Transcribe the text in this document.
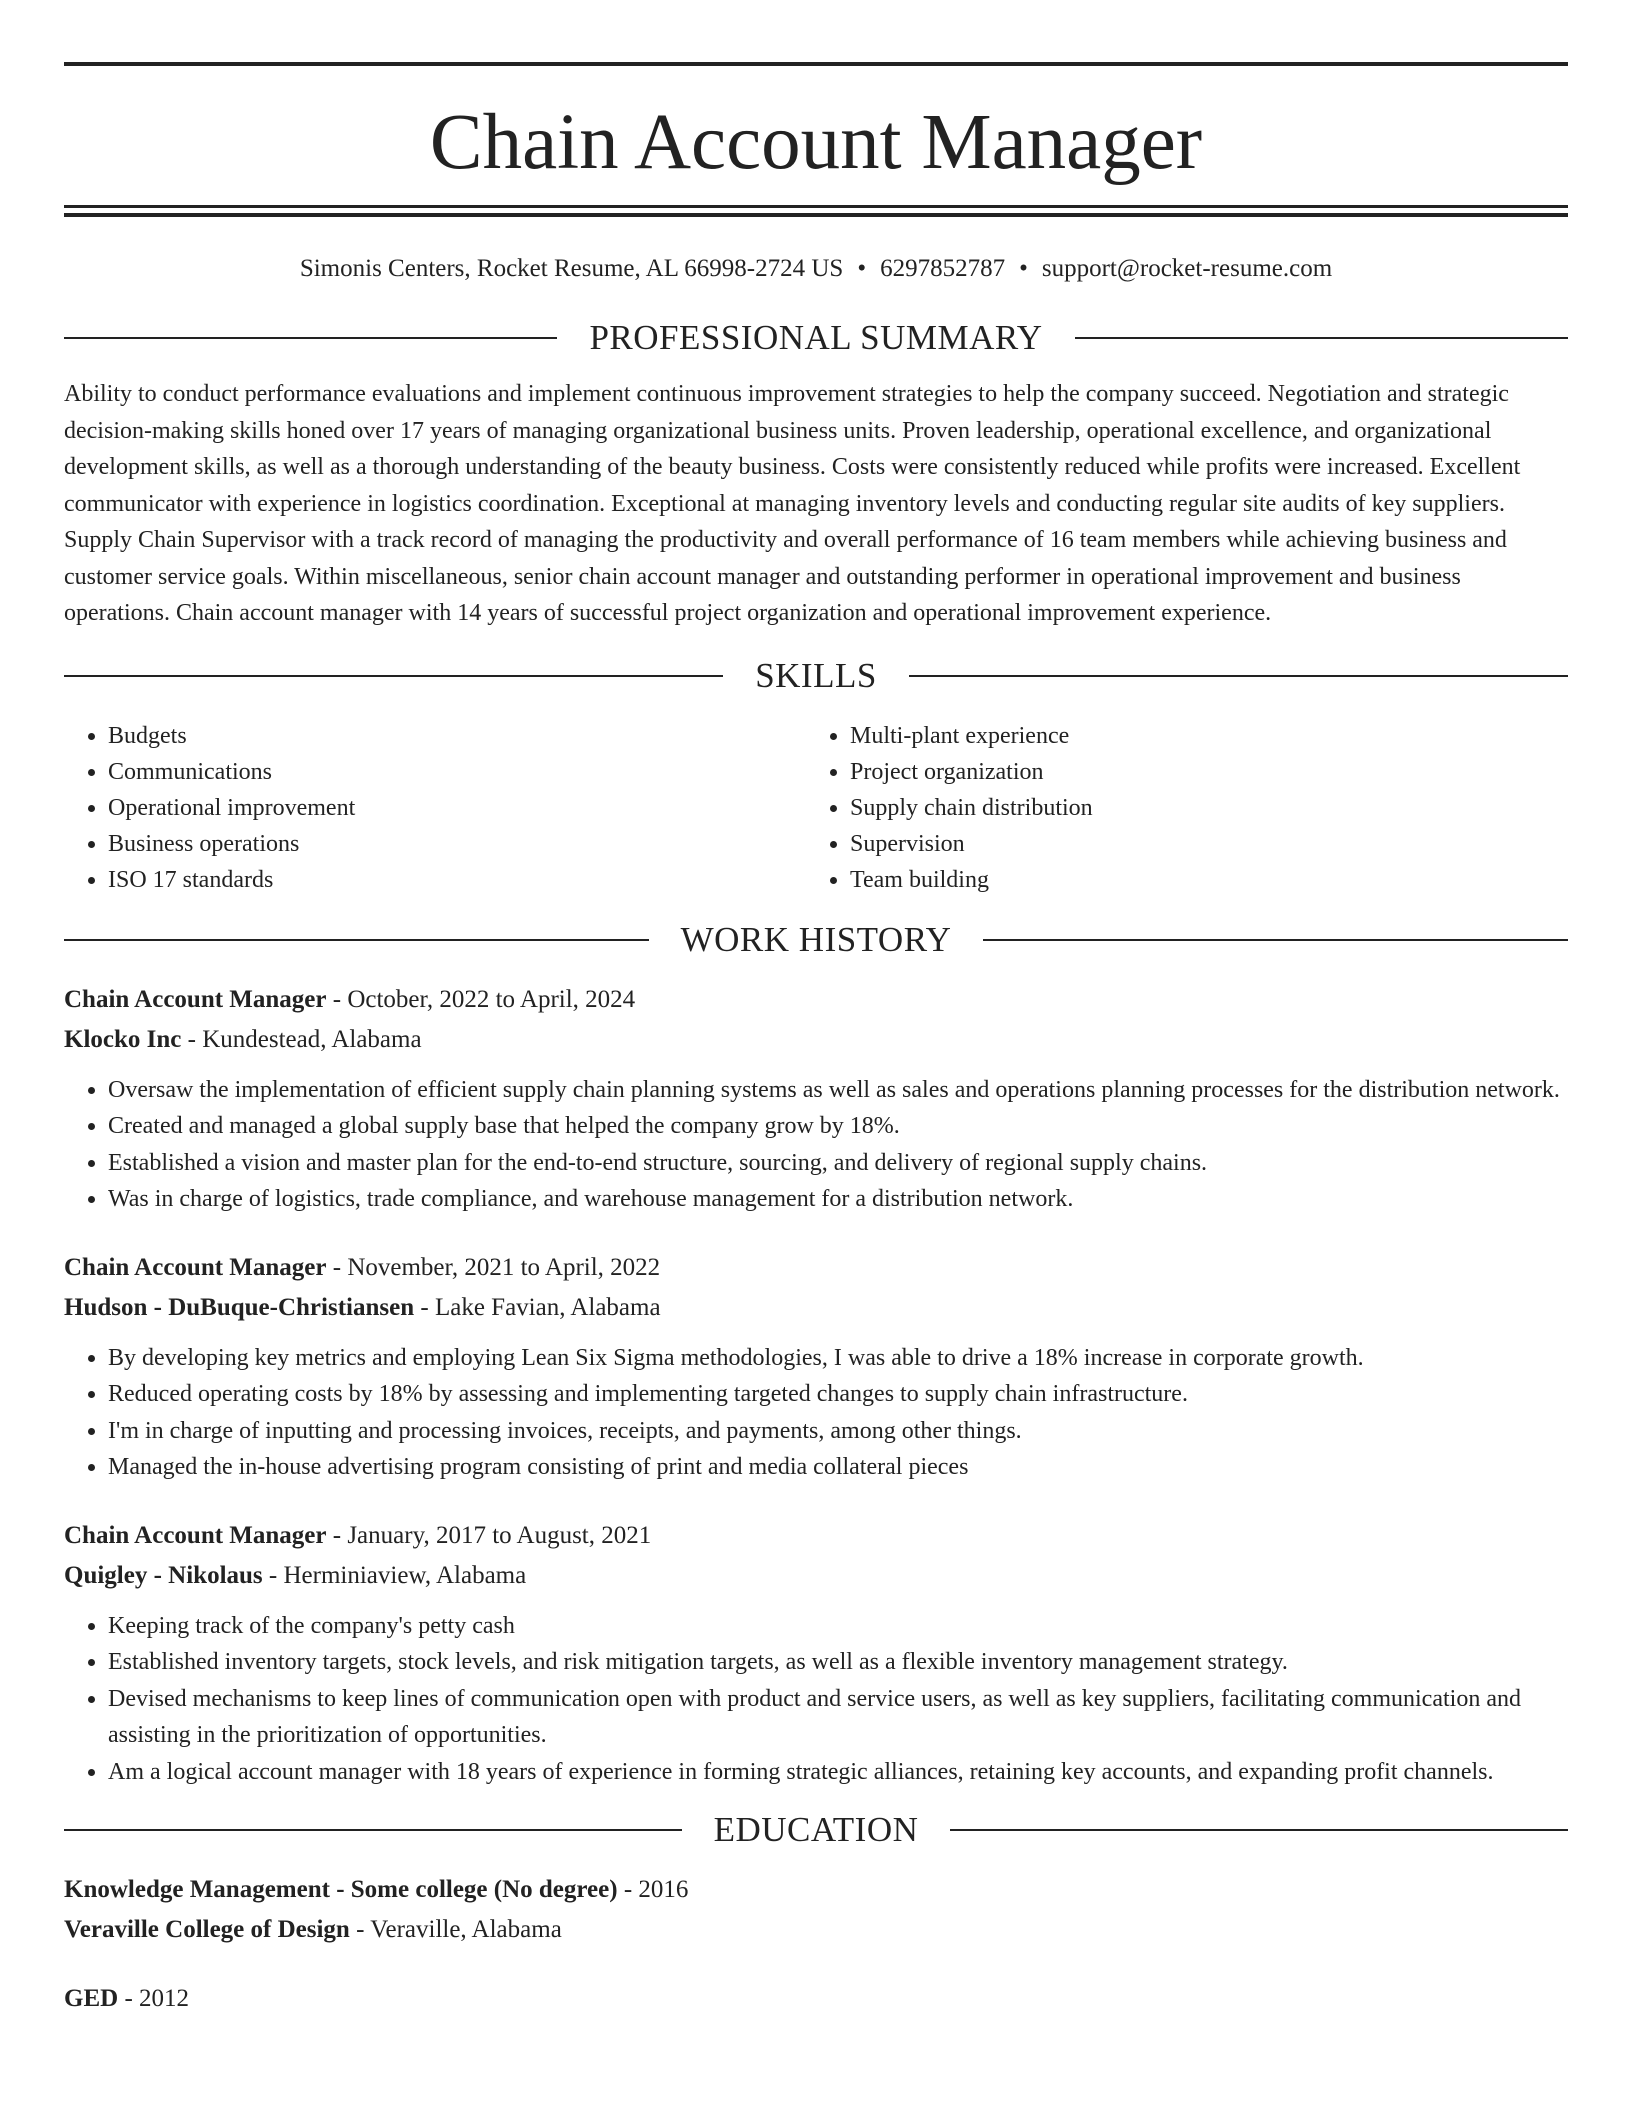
Chain Account Manager
Simonis Centers, Rocket Resume, AL 66998-2724 US • 6297852787 • support@rocket-resume.com
PROFESSIONAL SUMMARY

Ability to conduct performance evaluations and implement continuous improvement strategies to help the company succeed. Negotiation and strategic decision-making skills honed over 17 years of managing organizational business units. Proven leadership, operational excellence, and organizational development skills, as well as a thorough understanding of the beauty business. Costs were consistently reduced while profits were increased. Excellent communicator with experience in logistics coordination. Exceptional at managing inventory levels and conducting regular site audits of key suppliers. Supply Chain Supervisor with a track record of managing the productivity and overall performance of 16 team members while achieving business and customer service goals. Within miscellaneous, senior chain account manager and outstanding performer in operational improvement and business operations. Chain account manager with 14 years of successful project organization and operational improvement experience.

SKILLS
• Budgets
• Communications
• Operational improvement
• Business operations
• ISO 17 standards
• Multi-plant experience
• Project organization
• Supply chain distribution
• Supervision
• Team building
WORK HISTORY
Chain Account Manager - October, 2022 to April, 2024
Klocko Inc - Kundestead, Alabama
• Oversaw the implementation of efficient supply chain planning systems as well as sales and operations planning processes for the distribution network.
• Created and managed a global supply base that helped the company grow by 18%.
• Established a vision and master plan for the end-to-end structure, sourcing, and delivery of regional supply chains.
• Was in charge of logistics, trade compliance, and warehouse management for a distribution network.
Chain Account Manager - November, 2021 to April, 2022
Hudson - DuBuque-Christiansen - Lake Favian, Alabama
• By developing key metrics and employing Lean Six Sigma methodologies, I was able to drive a 18% increase in corporate growth.
• Reduced operating costs by 18% by assessing and implementing targeted changes to supply chain infrastructure.
• I'm in charge of inputting and processing invoices, receipts, and payments, among other things.
• Managed the in-house advertising program consisting of print and media collateral pieces
Chain Account Manager - January, 2017 to August, 2021
Quigley - Nikolaus - Herminiaview, Alabama
• Keeping track of the company's petty cash
• Established inventory targets, stock levels, and risk mitigation targets, as well as a flexible inventory management strategy.
• Devised mechanisms to keep lines of communication open with product and service users, as well as key suppliers, facilitating communication and assisting in the prioritization of opportunities.
• Am a logical account manager with 18 years of experience in forming strategic alliances, retaining key accounts, and expanding profit channels.
EDUCATION
Knowledge Management - Some college (No degree) - 2016
Veraville College of Design - Veraville, Alabama
GED - 2012
